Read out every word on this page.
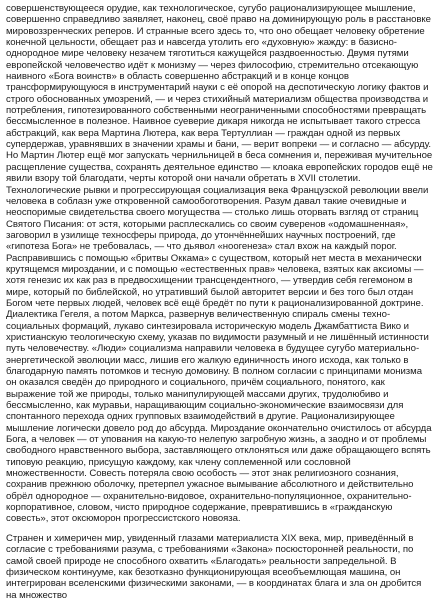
совершенствующееся орудие, как технологическое, сугубо рационализирующее мышление, совершенно справедливо заявляет, наконец, своё право на доминирующую роль в расстановке мировоззренческих реперов. И странные всего здесь то, что оно обещает человеку обретение конечной цельности, обещает раз и навсегда утолить его «духовную» жажду: в базисно-однородное мире человеку незачем тяготиться кажущейся раздвоенностью. Двумя путями европейской человечество идёт к монизму — через философию, стремительно отсекающую наивного «Бога воинств» в область совершенно абстракций и в конце концов трансформирующуюся в инструментарий науки с её опорой на деспотическую логику фактов и строго обоснованных умозрений, — и через стихийный материализм общества производства и потребления, гипотезированного собственными неограниченными способностями превращать бессмысленное в полезное. Наивное суеверие дикаря никогда не испытывает такого стресса абстракций, как вера Мартина Лютера, как вера Тертуллиан — граждан одной из первых супердержав, уравнявших в значении храмы и бани, — верит вопреки — и согласно — абсурду. Но Мартин Лютер ещё мог запускать чернильницей в беса сомнения и, переживая мучительное расщепление существа, сохранять деятельное единство — клоака европейских городов ещё не явили взору той благодати, черты которой они начали обретать в XVII столетии. Технологические рывки и прогрессирующая социализация века Французской революции ввели человека в соблазн уже откровенной самообоготворения. Разум давал такие очевидные и неоспоримые свидетельства своего могущества — столько лишь оторвать взгляд от страниц Святого Писания: от эстя, которыми расплескались со своим суверенов «одомашненная», заговорил в узилище техносферы природа, до утончённейших научных построений, где «гипотеза Бога» не требовалась, — что дьявол «ноогенеза» стал вхож на каждый порог. Расправившись с помощью «бритвы Оккама» с существом, который нет места в механически крутящемся мироздании, и с помощью «естественных прав» человека, взятых как аксиомы — хотя генезис их как раз в предвосхищении трансцендентного, — утвердив себя гегемоном в мире, который по библейской, но утративший былой авторитет версии и без того был отдан Богом чете первых людей, человек всё ещё бредёт по пути к рационализированной доктрине. Диалектика Гегеля, а потом Маркса, развернув величественную спираль смены техно-социальных формаций, лукаво синтезировала историческую модель Джамбаттиста Вико и христианскую теологическую схему, указав по видимости разумный и не лишённый истинности путь человечеству. «Люди» социализма направили человека в будущее сугубо материально-энергетической эволюции масс, лишив его жалкую единичность иного исхода, как только в благодарную память потомков и тесную домовину. В полном согласии с принципами монизма он оказался сведён до природного и социального, причём социального, понятого, как выражение той же природы, только манипулирующей массами других, трудолюбиво и бессмысленно, как муравьи, наращивающим социально-экономические взаимосвязи для спонтанного перехода одних групповых взаимодействий в другие. Рационализирующее мышление логически довело род до абсурда. Мироздание окончательно очистилось от абсурда Бога, а человек — от упования на какую-то нелепую загробную жизнь, а заодно и от проблемы свободного нравственного выбора, заставляющего отклоняться или даже обращающего вспять типовую реакцию, присущую каждому, как члену соплеменной или сословной множественности. Совесть потеряла свою особость — этот знак религиозного сознания, сохранив прежнюю оболочку, претерпел ужасное вымывание абсолютного и действительно обрёл однородное — охранительно-видовое, охранительно-популяционное, охранительно-корпоративное, словом, чисто природное содержание, превратившись в «гражданскую совесть», этот оксюморон прогрессистского новояза.

Странен и химеричен мир, увиденный глазами материалиста XIX века, мир, приведённый в согласие с требованиями разума, с требованиями «Закона» посюсторонней реальности, по самой своей природе не способного охватить «Благодать» реальности запредельной. В физическом континууме, как безотказно функционирующая всеобъемлющая машина, он интегрирован вселенскими физическими законами, — в координатах блага и зла он дробится на множество
